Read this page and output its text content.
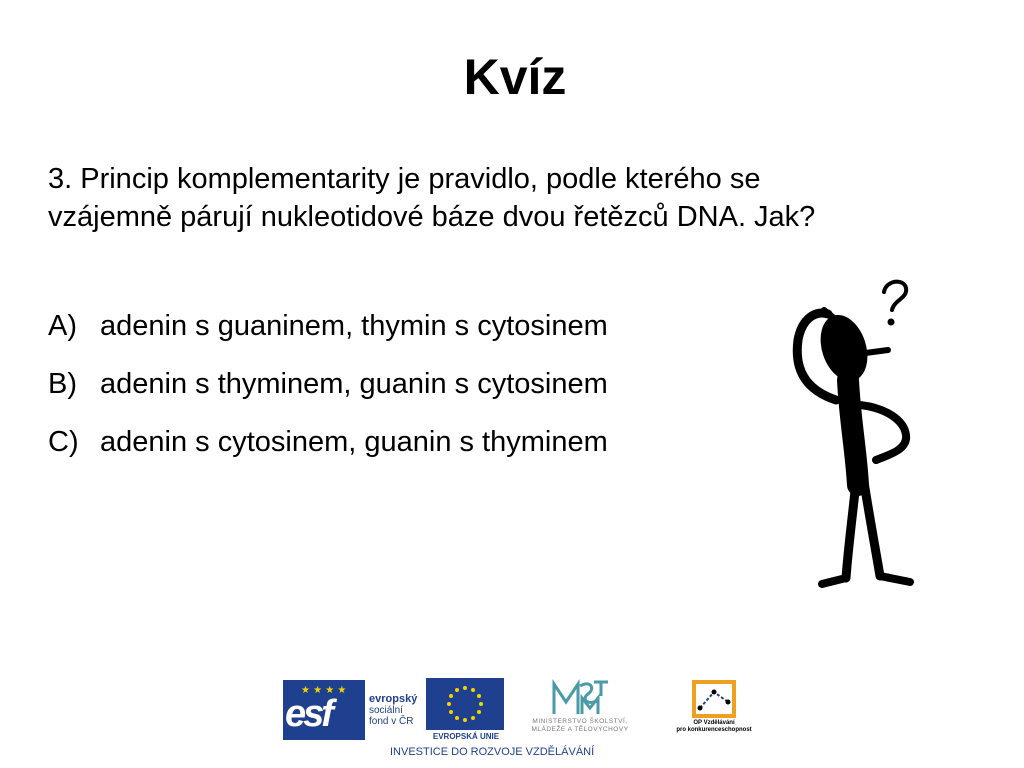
Kvíz
3. Princip komplementarity je pravidlo, podle kterého se
vzájemně párují nukleotidové báze dvou řetězců DNA. Jak?
A) adenin s guaninem, thymin s cytosinem
B) adenin s thyminem, guanin s cytosinem
C) adenin s cytosinem, guanin s thyminem
★ ★ ★ ★
esf	evropský
sociální
fond v ČR
EVROPSKÁ UNIE
MINISTERSTVO ŠKOLSTVÍ,
MLÁDEŽE A TĚLOVÝCHOVY
OP Vzdělávání
pro konkurenceschopnost
INVESTICE DO ROZVOJE VZDĚLÁVÁNÍ
